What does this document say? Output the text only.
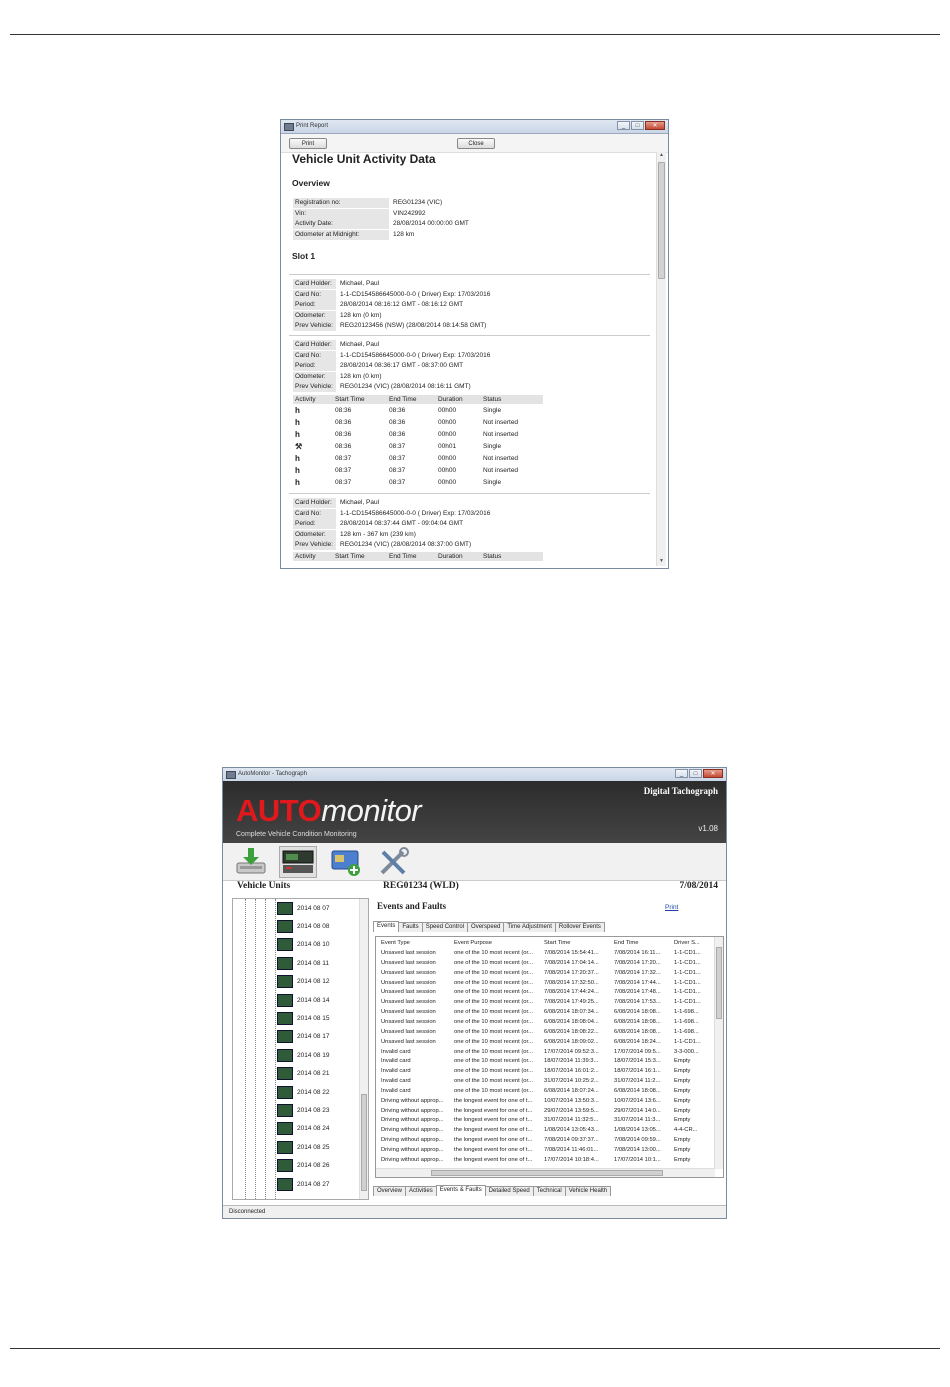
Print Report	_	□	✕
Print	Close
Vehicle Unit Activity Data
Overview
Registration no:	REG01234 (VIC)
Vin:	VIN242992
Activity Date:	28/08/2014 00:00:00 GMT
Odometer at Midnight:	128 km
Slot 1
Card Holder:	Michael, Paul
Card No:	1-1-CD154586645000-0-0 ( Driver) Exp: 17/03/2016
Period:	28/08/2014 08:16:12 GMT - 08:16:12 GMT
Odometer:	128 km (0 km)
Prev Vehicle:	REG20123456 (NSW) (28/08/2014 08:14:58 GMT)
Card Holder:	Michael, Paul
Card No:	1-1-CD154586645000-0-0 ( Driver) Exp: 17/03/2016
Period:	28/08/2014 08:36:17 GMT - 08:37:00 GMT
Odometer:	128 km (0 km)
Prev Vehicle:	REG01234 (VIC) (28/08/2014 08:16:11 GMT)
Activity	Start Time	End Time	Duration	Status
h	08:36	08:36	00h00	Single
h	08:36	08:36	00h00	Not inserted
h	08:36	08:36	00h00	Not inserted
⚒	08:36	08:37	00h01	Single
h	08:37	08:37	00h00	Not inserted
h	08:37	08:37	00h00	Not inserted
h	08:37	08:37	00h00	Single
Card Holder:	Michael, Paul
Card No:	1-1-CD154586645000-0-0 ( Driver) Exp: 17/03/2016
Period:	28/08/2014 08:37:44 GMT - 09:04:04 GMT
Odometer:	128 km - 367 km (239 km)
Prev Vehicle:	REG01234 (VIC) (28/08/2014 08:37:00 GMT)
Activity	Start Time	End Time	Duration	Status
▲
▼
AutoMonitor - Tachograph	_	□	✕
AUTOmonitor
Complete Vehicle Condition Monitoring
Digital Tachograph
v1.08
Vehicle Units	REG01234 (WLD)	7/08/2014
2014 08 07
2014 08 08
2014 08 10
2014 08 11
2014 08 12
2014 08 14
2014 08 15
2014 08 17
2014 08 19
2014 08 21
2014 08 22
2014 08 23
2014 08 24
2014 08 25
2014 08 26
2014 08 27
Events and Faults	Print
Events	Faults	Speed Control	Overspeed	Time Adjustment	Rollover Events
Event Type	Event Purpose	Start Time	End Time	Driver S...
Unsaved last session	one of the 10 most recent (or...	7/08/2014 15:54:41...	7/08/2014 16:11...	1-1-CD1...
Unsaved last session	one of the 10 most recent (or...	7/08/2014 17:04:14...	7/08/2014 17:20...	1-1-CD1...
Unsaved last session	one of the 10 most recent (or...	7/08/2014 17:20:37...	7/08/2014 17:32...	1-1-CD1...
Unsaved last session	one of the 10 most recent (or...	7/08/2014 17:32:50...	7/08/2014 17:44...	1-1-CD1...
Unsaved last session	one of the 10 most recent (or...	7/08/2014 17:44:24...	7/08/2014 17:48...	1-1-CD1...
Unsaved last session	one of the 10 most recent (or...	7/08/2014 17:49:25...	7/08/2014 17:53...	1-1-CD1...
Unsaved last session	one of the 10 most recent (or...	6/08/2014 18:07:34...	6/08/2014 18:08...	1-1-698...
Unsaved last session	one of the 10 most recent (or...	6/08/2014 18:08:04...	6/08/2014 18:08...	1-1-698...
Unsaved last session	one of the 10 most recent (or...	6/08/2014 18:08:22...	6/08/2014 18:08...	1-1-698...
Unsaved last session	one of the 10 most recent (or...	6/08/2014 18:09:02...	6/08/2014 18:24...	1-1-CD1...
Invalid card	one of the 10 most recent (or...	17/07/2014 09:52:3...	17/07/2014 09:5...	3-3-000...
Invalid card	one of the 10 most recent (or...	18/07/2014 11:39:3...	18/07/2014 15:3...	Empty
Invalid card	one of the 10 most recent (or...	18/07/2014 16:01:2...	18/07/2014 16:1...	Empty
Invalid card	one of the 10 most recent (or...	31/07/2014 10:25:2...	31/07/2014 11:2...	Empty
Invalid card	one of the 10 most recent (or...	6/08/2014 18:07:24...	6/08/2014 18:08...	Empty
Driving without approp...	the longest event for one of t...	10/07/2014 13:50:3...	10/07/2014 13:6...	Empty
Driving without approp...	the longest event for one of t...	29/07/2014 13:59:5...	29/07/2014 14:0...	Empty
Driving without approp...	the longest event for one of t...	31/07/2014 11:32:5...	31/07/2014 11:3...	Empty
Driving without approp...	the longest event for one of t...	1/08/2014 13:05:43...	1/08/2014 13:05...	4-4-CR...
Driving without approp...	the longest event for one of t...	7/08/2014 09:37:37...	7/08/2014 09:59...	Empty
Driving without approp...	the longest event for one of t...	7/08/2014 11:46:01...	7/08/2014 13:00...	Empty
Driving without approp...	the longest event for one of t...	17/07/2014 10:18:4...	17/07/2014 10:1...	Empty
Overview	Activities	Events & Faults	Detailed Speed	Technical	Vehicle Health
Disconnected
